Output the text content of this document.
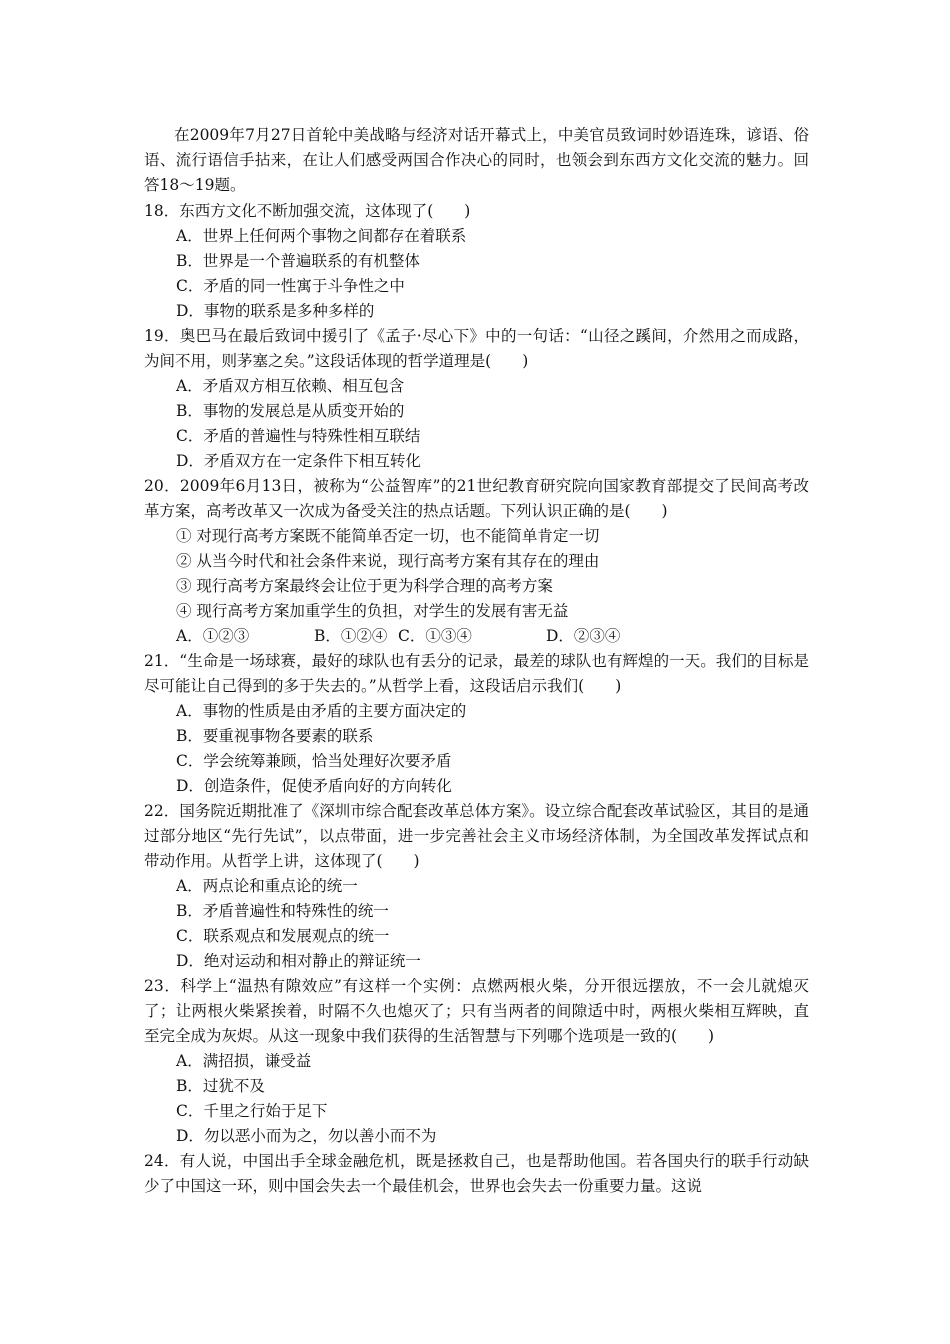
在2009年7月27日首轮中美战略与经济对话开幕式上，中美官员致词时妙语连珠，谚语、俗语、流行语信手拈来，在让人们感受两国合作决心的同时，也领会到东西方文化交流的魅力。回答18～19题。

18．东西方文化不断加强交流，这体现了(　　)

A．世界上任何两个事物之间都存在着联系

B．世界是一个普遍联系的有机整体

C．矛盾的同一性寓于斗争性之中

D．事物的联系是多种多样的

19．奥巴马在最后致词中援引了《孟子·尽心下》中的一句话：“山径之蹊间，介然用之而成路，为间不用，则茅塞之矣。”这段话体现的哲学道理是(　　)

A．矛盾双方相互依赖、相互包含

B．事物的发展总是从质变开始的

C．矛盾的普遍性与特殊性相互联结

D．矛盾双方在一定条件下相互转化

20．2009年6月13日，被称为“公益智库”的21世纪教育研究院向国家教育部提交了民间高考改革方案，高考改革又一次成为备受关注的热点话题。下列认识正确的是(　　)

① 对现行高考方案既不能简单否定一切，也不能简单肯定一切

② 从当今时代和社会条件来说，现行高考方案有其存在的理由

③ 现行高考方案最终会让位于更为科学合理的高考方案

④ 现行高考方案加重学生的负担，对学生的发展有害无益

A．①②③	B．①②④ C．①③④	D．②③④

21．“生命是一场球赛，最好的球队也有丢分的记录，最差的球队也有辉煌的一天。我们的目标是尽可能让自己得到的多于失去的。”从哲学上看，这段话启示我们(　　)

A．事物的性质是由矛盾的主要方面决定的

B．要重视事物各要素的联系

C．学会统筹兼顾，恰当处理好次要矛盾

D．创造条件，促使矛盾向好的方向转化

22．国务院近期批准了《深圳市综合配套改革总体方案》。设立综合配套改革试验区，其目的是通过部分地区“先行先试”，以点带面，进一步完善社会主义市场经济体制，为全国改革发挥试点和带动作用。从哲学上讲，这体现了(　　)

A．两点论和重点论的统一

B．矛盾普遍性和特殊性的统一

C．联系观点和发展观点的统一

D．绝对运动和相对静止的辩证统一

23．科学上“温热有隙效应”有这样一个实例：点燃两根火柴，分开很远摆放，不一会儿就熄灭了；让两根火柴紧挨着，时隔不久也熄灭了；只有当两者的间隙适中时，两根火柴相互辉映，直至完全成为灰烬。从这一现象中我们获得的生活智慧与下列哪个选项是一致的(　　)

A．满招损，谦受益

B．过犹不及

C．千里之行始于足下

D．勿以恶小而为之，勿以善小而不为

24．有人说，中国出手全球金融危机，既是拯救自己，也是帮助他国。若各国央行的联手行动缺少了中国这一环，则中国会失去一个最佳机会，世界也会失去一份重要力量。这说
